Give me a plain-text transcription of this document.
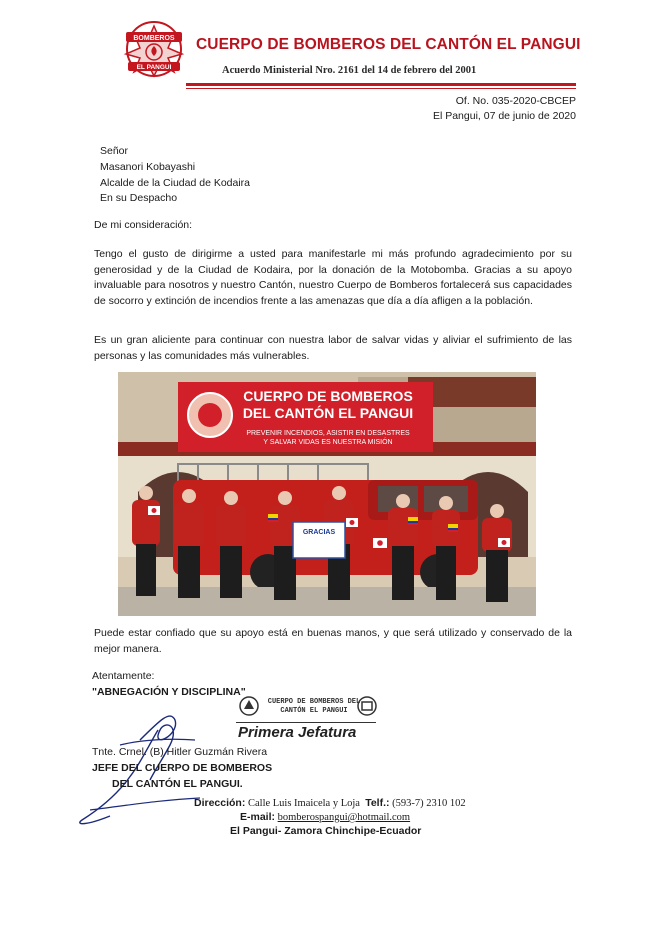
BOMBEROS
EL PANGUI
CUERPO DE BOMBEROS DEL CANTÓN EL PANGUI
Acuerdo Ministerial Nro. 2161 del 14 de febrero del 2001
Of. No. 035-2020-CBCEP
El Pangui, 07 de junio de 2020
Señor
Masanori Kobayashi
Alcalde de la Ciudad de Kodaira
En su Despacho
De mi consideración:
Tengo el gusto de dirigirme a usted para manifestarle mi más profundo agradecimiento por su generosidad y de la Ciudad de Kodaira, por la donación de la Motobomba. Gracias a su apoyo invaluable para nosotros y nuestro Cantón, nuestro Cuerpo de Bomberos fortalecerá sus capacidades de socorro y extinción de incendios frente a las amenazas que día a día afligen a la población.
Es un gran aliciente para continuar con nuestra labor de salvar vidas y aliviar el sufrimiento de las personas y las comunidades más vulnerables.
CUERPO DE BOMBEROS
DEL CANTÓN EL PANGUI
PREVENIR INCENDIOS, ASISTIR EN DESASTRES
Y SALVAR VIDAS ES NUESTRA MISIÓN
GRACIAS
Puede estar confiado que su apoyo está en buenas manos, y que será utilizado y conservado de la mejor manera.
Atentamente:
"ABNEGACIÓN Y DISCIPLINA"
CUERPO DE BOMBEROS DEL
CANTÓN EL PANGUI
Primera Jefatura
Tnte. Crnel. (B) Hitler Guzmán Rivera
JEFE DEL CUERPO DE BOMBEROS
DEL CANTÓN EL PANGUI.
Dirección: Calle Luis Imaicela y Loja Telf.: (593-7) 2310 102
E-mail: bomberospangui@hotmail.com
El Pangui- Zamora Chinchipe-Ecuador
